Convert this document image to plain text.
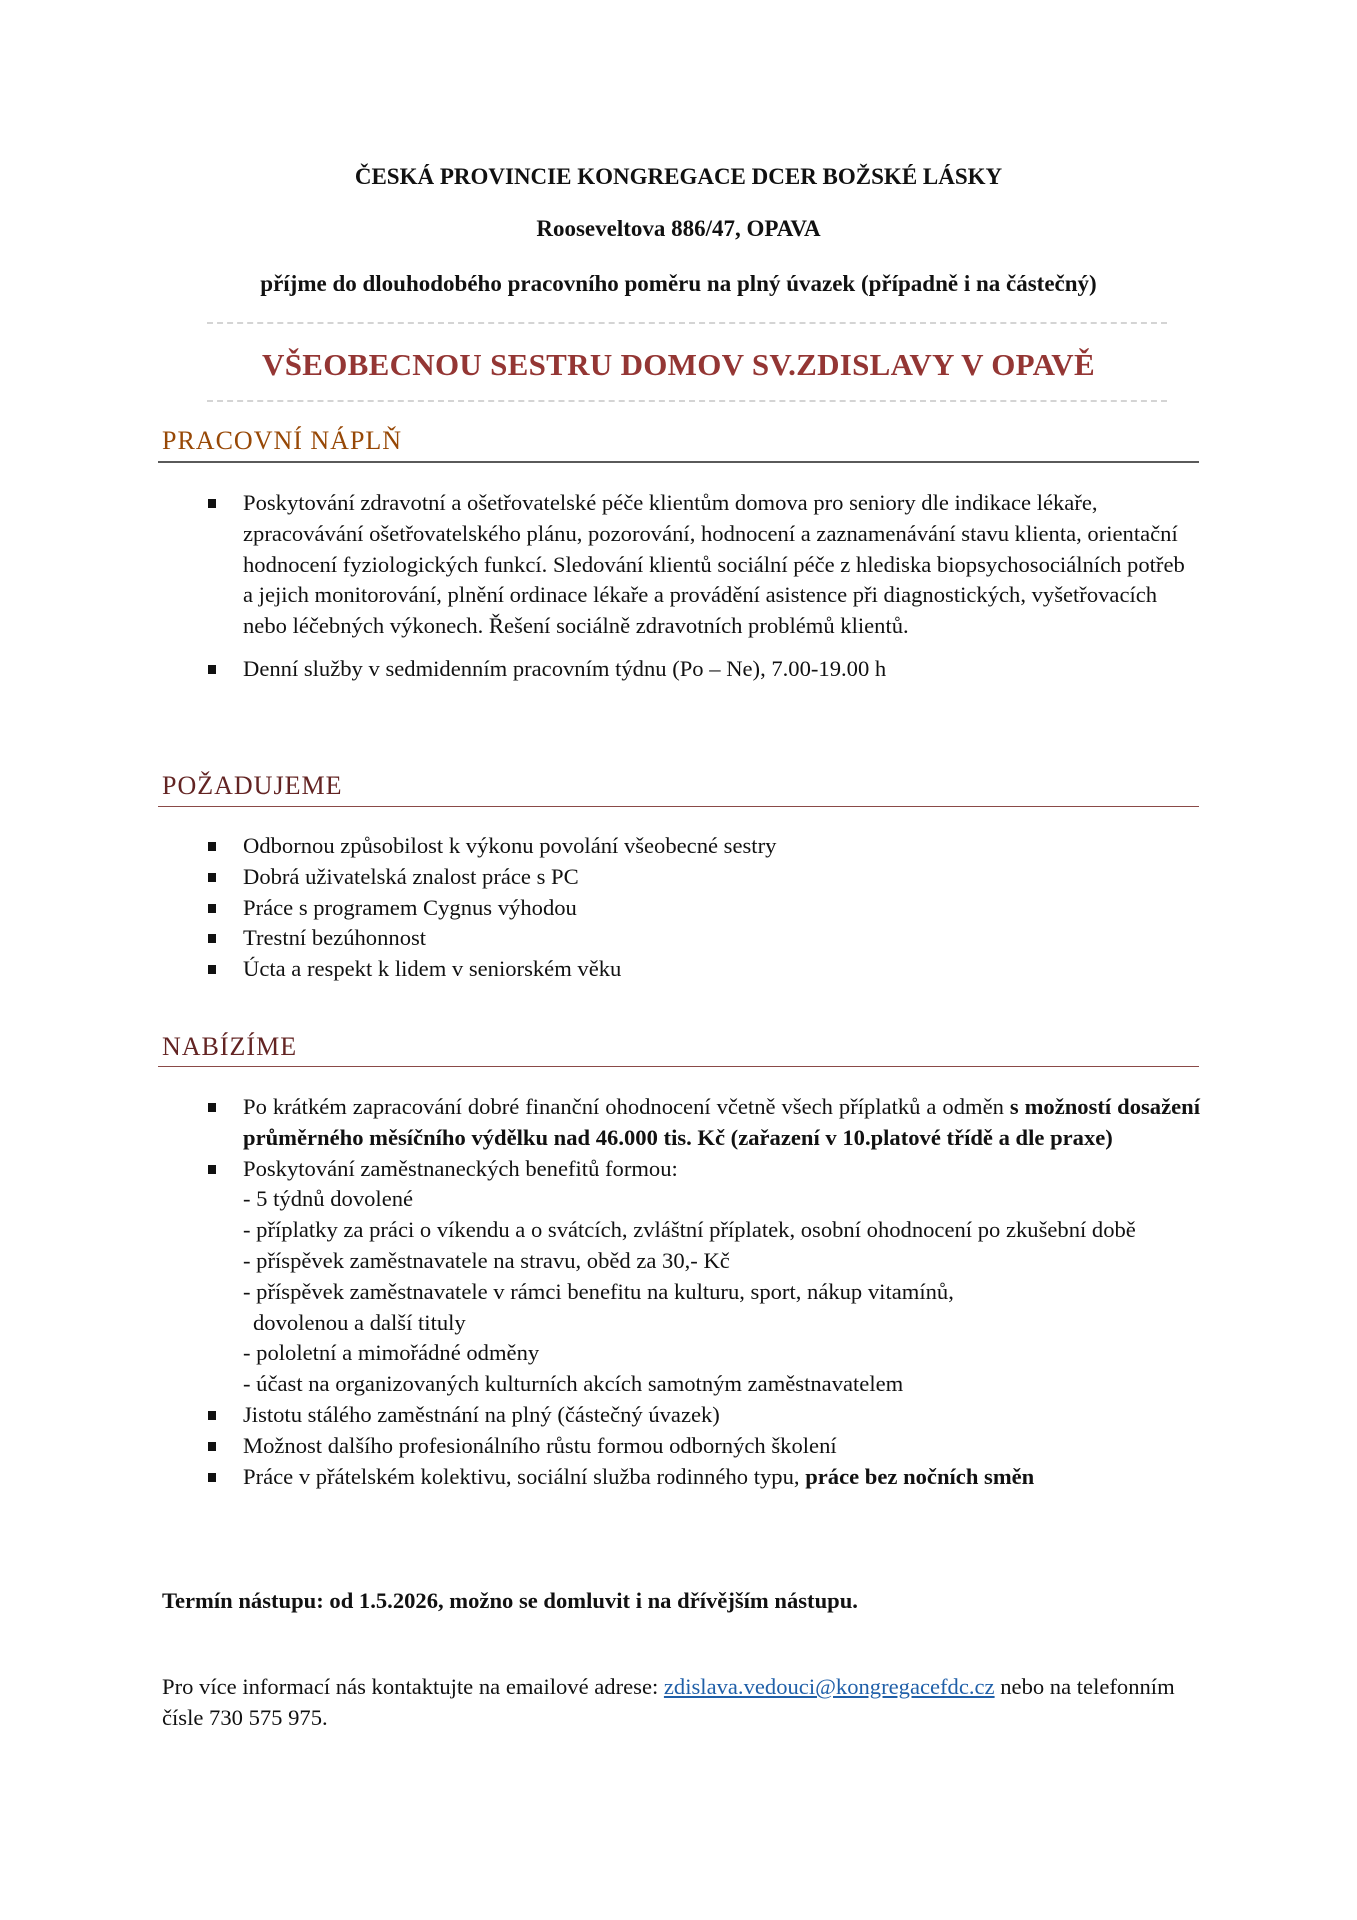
ČESKÁ PROVINCIE KONGREGACE DCER BOŽSKÉ LÁSKY
Rooseveltova 886/47, OPAVA
příjme do dlouhodobého pracovního poměru na plný úvazek (případně i na částečný)
VŠEOBECNOU SESTRU DOMOV SV.ZDISLAVY V OPAVĚ
PRACOVNÍ NÁPLŇ
Poskytování zdravotní a ošetřovatelské péče klientům domova pro seniory dle indikace lékaře, zpracovávání ošetřovatelského plánu, pozorování, hodnocení a zaznamenávání stavu klienta, orientační hodnocení fyziologických funkcí. Sledování klientů sociální péče z hlediska biopsychosociálních potřeb a jejich monitorování, plnění ordinace lékaře a provádění asistence při diagnostických, vyšetřovacích nebo léčebných výkonech. Řešení sociálně zdravotních problémů klientů.
Denní služby v sedmidenním pracovním týdnu (Po – Ne), 7.00-19.00 h
POŽADUJEME
Odbornou způsobilost k výkonu povolání všeobecné sestry
Dobrá uživatelská znalost práce s PC
Práce s programem Cygnus výhodou
Trestní bezúhonnost
Úcta a respekt k lidem v seniorském věku
NABÍZÍME
Po krátkém zapracování dobré finanční ohodnocení včetně všech příplatků a odměn s možností dosažení průměrného měsíčního výdělku nad 46.000 tis. Kč (zařazení v 10.platové třídě a dle praxe)
Poskytování zaměstnaneckých benefitů formou:
- 5 týdnů dovolené
- příplatky za práci o víkendu a o svátcích, zvláštní příplatek, osobní ohodnocení po zkušební době
- příspěvek zaměstnavatele na stravu, oběd za 30,- Kč
- příspěvek zaměstnavatele v rámci benefitu na kulturu, sport, nákup vitamínů,
dovolenou a další tituly
- pololetní a mimořádné odměny
- účast na organizovaných kulturních akcích samotným zaměstnavatelem
Jistotu stálého zaměstnání na plný (částečný úvazek)
Možnost dalšího profesionálního růstu formou odborných školení
Práce v přátelském kolektivu, sociální služba rodinného typu, práce bez nočních směn
Termín nástupu: od 1.5.2026, možno se domluvit i na dřívějším nástupu.
Pro více informací nás kontaktujte na emailové adrese: zdislava.vedouci@kongregacefdc.cz nebo na telefonním čísle 730 575 975.
